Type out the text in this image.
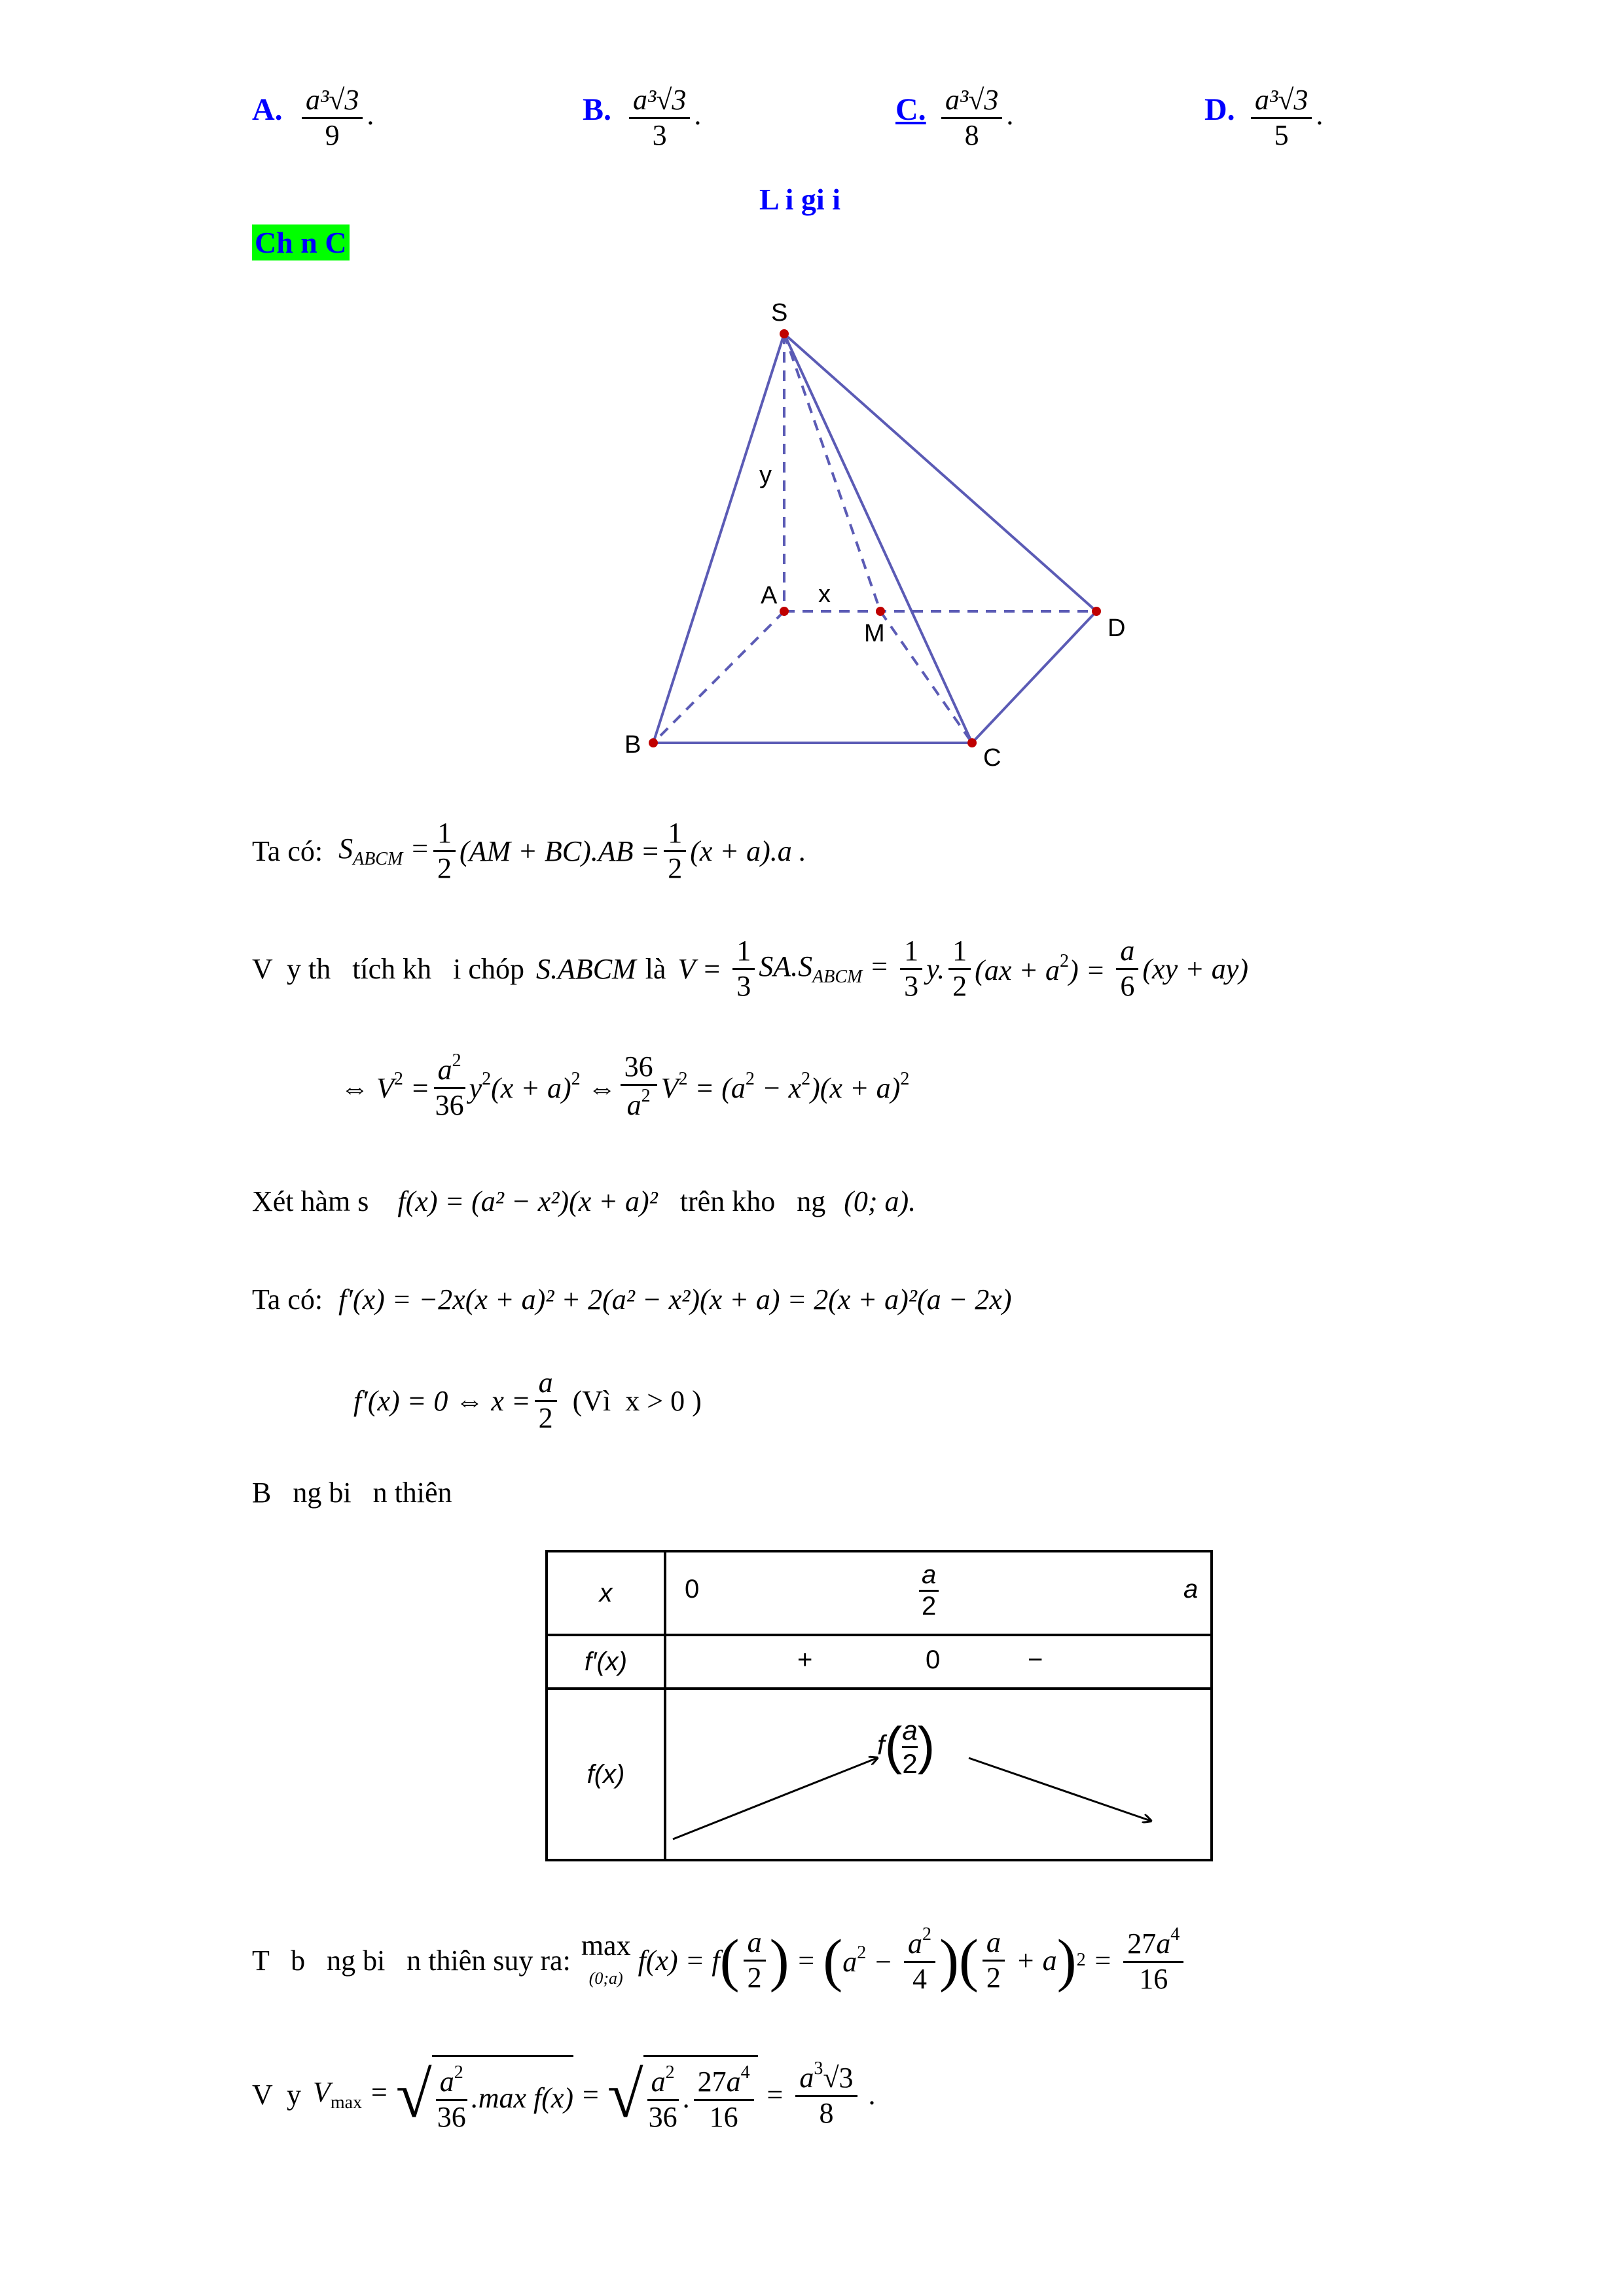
A. $\frac{\text{a³√3}}{9}$ .	B. $\frac{\text{a³√3}}{3}$ .	C. $\frac{\text{a³√3}}{8}$ .	D. $\frac{\text{a³√3}}{5}$ .
L i gi i
Ch n C
S
A
B	C
D
M
x
y
Ta có: $S_{ABCM} = \frac{1}{2} (AM + BC).AB = \frac{1}{2} (x + a).a$ .
V  y th   tích kh   i chóp S.ABCM là $V = \frac{1}{3} SA.S_{ABCM} = \frac{1}{3} y$. $\frac{1}{2} (ax + a^2) = \frac{a}{6} (xy + ay)$
⇔ $V^2 = \frac{a^2}{36} y^2(x + a)^2$ ⇔ $\frac{36}{a^2} V^2 = (a^2 - x^2)(x + a)^2$
Xét hàm s f(x) = (a² − x²)(x + a)² trên kho   ng (0; a).
Ta có: f′(x) = −2x(x + a)² + 2(a² − x²)(x + a) = 2(x + a)²(a − 2x)
f′(x) = 0 ⇔ $x = \frac{a}{2}$ (Vì  x > 0 )
B   ng bi   n thiên
x	$0 \frac{a}{2}$ a

f′(x)	+ 0 −

f(x)	$f( \frac{a}{2}$ )
T   b   ng bi   n thiên suy ra: max
(0;a)
f(x) = f ( $\frac{a}{2}$ ) = ( $a^2 - \frac{a^2}{4}$ )( $\frac{a}{2} + a$ ) $2 = \frac{27a^4}{16}$
V  y $V_{max}$ = √ $\frac{a^2}{36} .\max$ f(x) = √ $\frac{a^2}{36}$ . $\frac{27a^4}{16} = \frac{a^3√3}{8}$ .
